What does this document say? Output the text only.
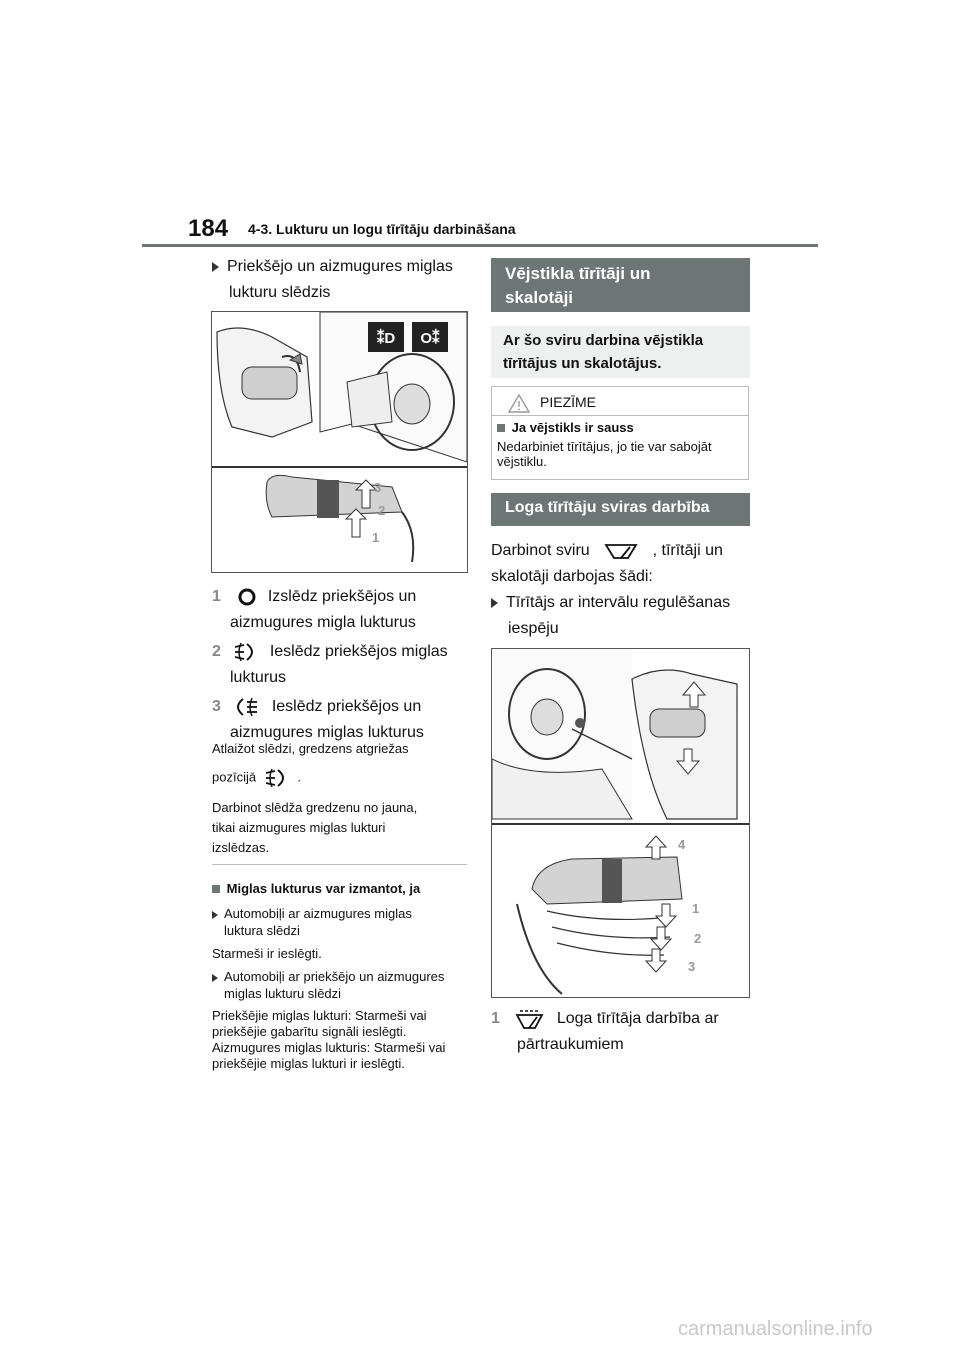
184 4-3. Lukturu un logu tīrītāju darbināšana
Priekšējo un aizmugures miglas
lukturu slēdzis
⁑D O⁑
3
2
1
1	Izslēdz priekšējos un
aizmugures migla lukturus
2	Ieslēdz priekšējos miglas
lukturus
3	Ieslēdz priekšējos un
aizmugures miglas lukturus
Atlaižot slēdzi, gredzens atgriežas
pozīcijā	.
Darbinot slēdža gredzenu no jauna,
tikai aizmugures miglas lukturi
izslēdzas.
Miglas lukturus var izmantot, ja
Automobiļi ar aizmugures miglas
luktura slēdzi
Starmeši ir ieslēgti.
Automobiļi ar priekšējo un aizmugures
miglas lukturu slēdzi
Priekšējie miglas lukturi: Starmeši vai
priekšējie gabarītu signāli ieslēgti.
Aizmugures miglas lukturis: Starmeši vai
priekšējie miglas lukturi ir ieslēgti.
Vējstikla tīrītāji un
skalotāji
Ar šo sviru darbina vējstikla
tīrītājus un skalotājus.
PIEZĪME
Ja vējstikls ir sauss
Nedarbiniet tīrītājus, jo tie var sabojāt
vējstiklu.
Loga tīrītāju sviras darbība
Darbinot sviru	, tīrītāji un
skalotāji darbojas šādi:
Tīrītājs ar intervālu regulēšanas
iespēju
4
1
2
3
1	Loga tīrītāja darbība ar
pārtraukumiem
carmanualsonline.info
